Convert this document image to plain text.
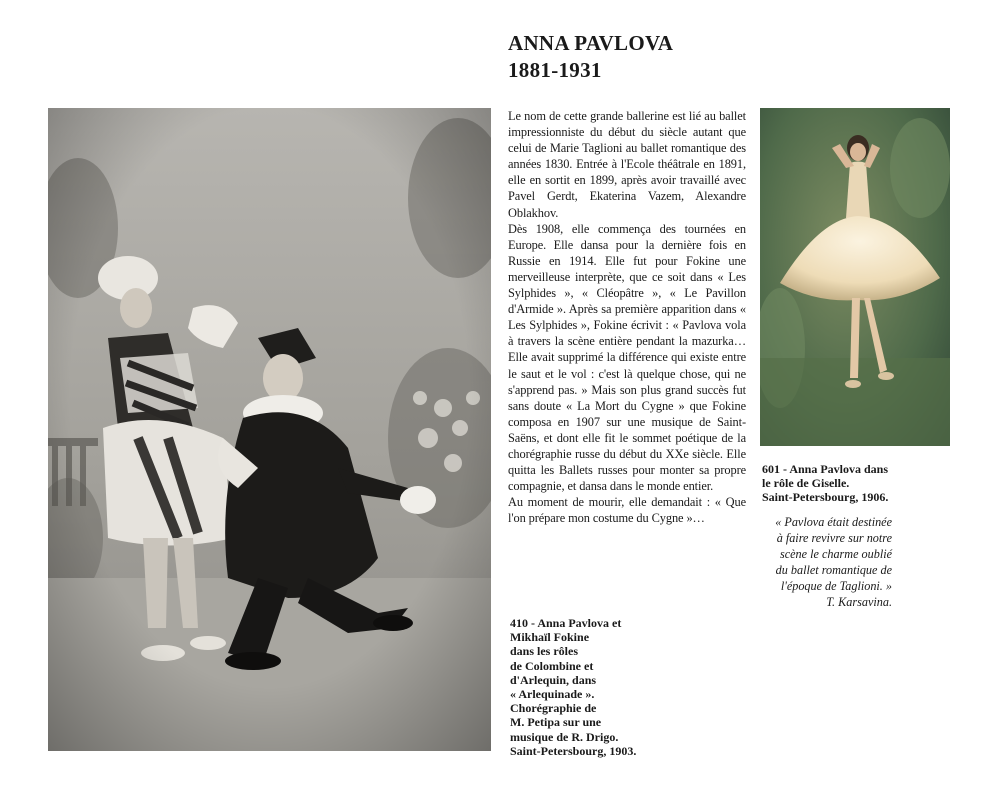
ANNA PAVLOVA
1881-1931

Le nom de cette grande ballerine est lié au ballet impressionniste du début du siècle autant que celui de Marie Taglioni au ballet romantique des années 1830. Entrée à l'Ecole théâtrale en 1891, elle en sortit en 1899, après avoir travaillé avec Pavel Gerdt, Ekaterina Vazem, Alexandre Oblakhov.

Dès 1908, elle commença des tournées en Europe. Elle dansa pour la dernière fois en Russie en 1914. Elle fut pour Fokine une merveilleuse interprète, que ce soit dans « Les Sylphides », « Cléopâtre », « Le Pavillon d'Armide ». Après sa première apparition dans « Les Sylphides », Fokine écrivit : « Pavlova vola à travers la scène entière pendant la mazurka… Elle avait supprimé la différence qui existe entre le saut et le vol : c'est là quelque chose, qui ne s'apprend pas. » Mais son plus grand succès fut sans doute « La Mort du Cygne » que Fokine composa en 1907 sur une musique de Saint-Saëns, et dont elle fit le sommet poétique de la chorégraphie russe du début du XXe siècle. Elle quitta les Ballets russes pour monter sa propre compagnie, et dansa dans le monde entier.

Au moment de mourir, elle demandait : « Que l'on prépare mon costume du Cygne »…

601 - Anna Pavlova dans
le rôle de Giselle.
Saint-Petersbourg, 1906.
« Pavlova était destinée
à faire revivre sur notre
scène le charme oublié
du ballet romantique de
l'époque de Taglioni. »
T. Karsavina.
410 - Anna Pavlova et
Mikhaïl Fokine
dans les rôles
de Colombine et
d'Arlequin, dans
« Arlequinade ».
Chorégraphie de
M. Petipa sur une
musique de R. Drigo.
Saint-Petersbourg, 1903.
